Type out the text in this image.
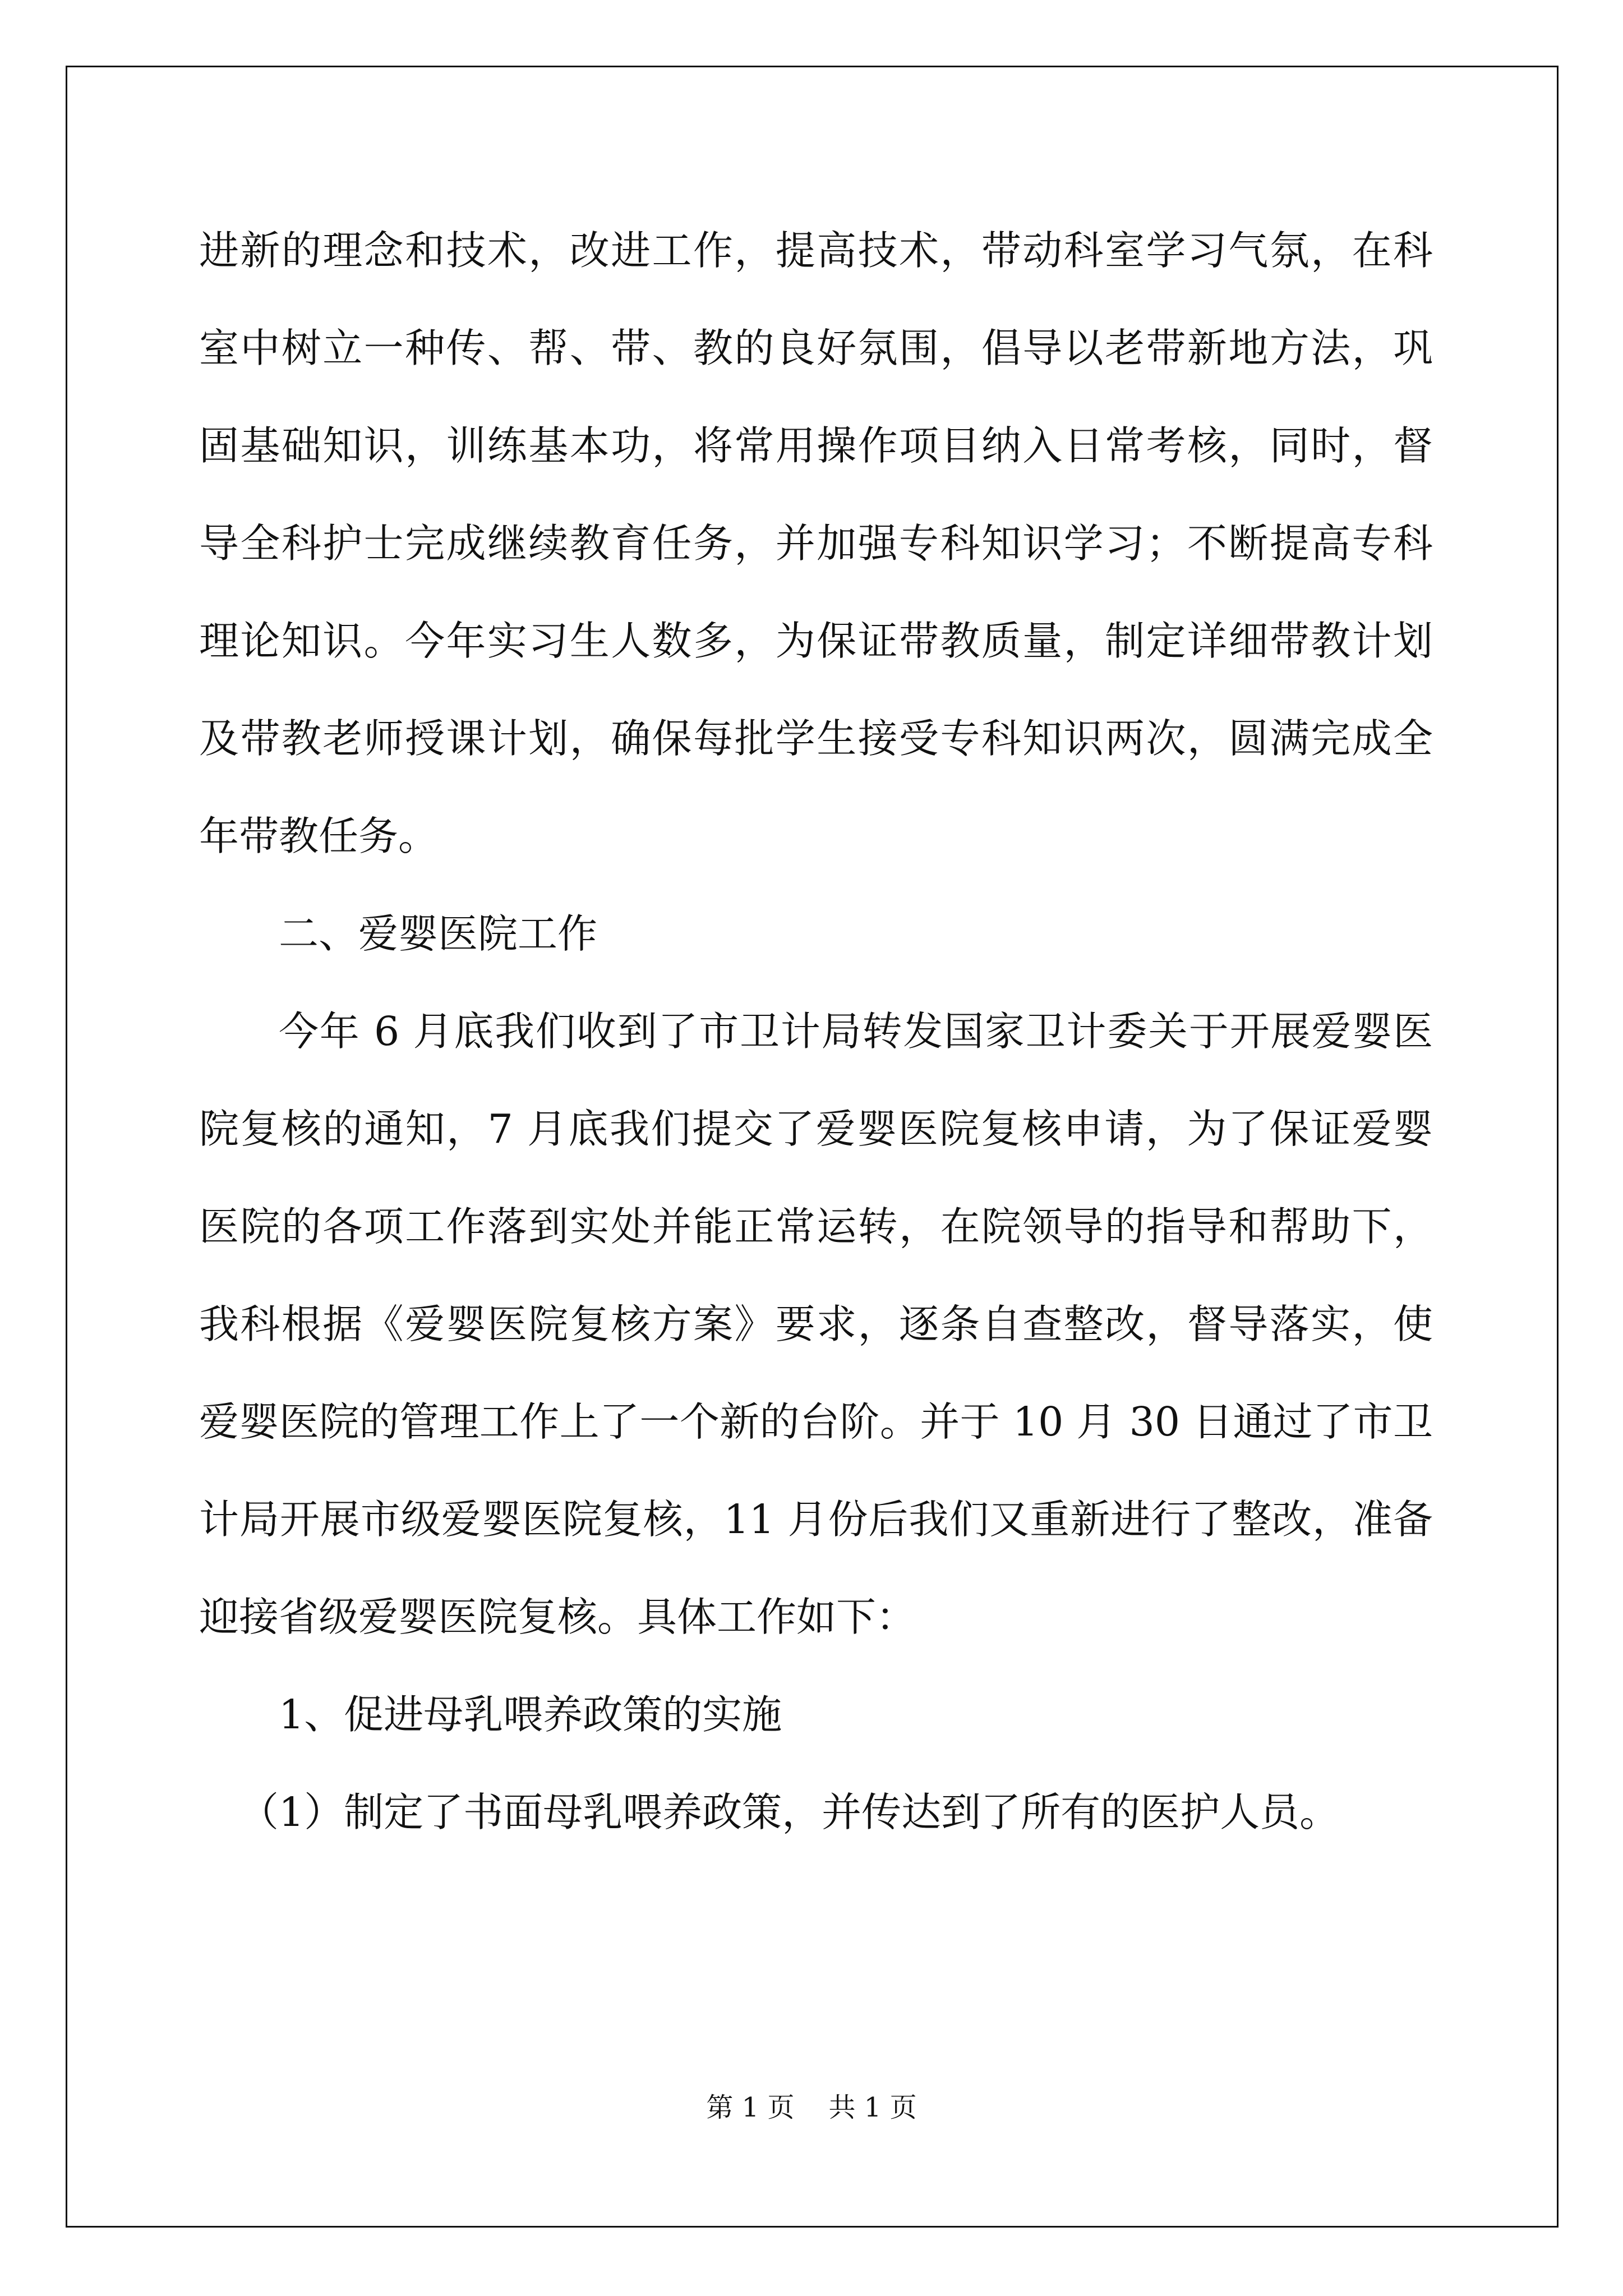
进新的理念和技术，改进工作，提高技术，带动科室学习气氛，在科
室中树立一种传、帮、带、教的良好氛围，倡导以老带新地方法，巩
固基础知识，训练基本功，将常用操作项目纳入日常考核，同时，督
导全科护士完成继续教育任务，并加强专科知识学习；不断提高专科
理论知识。今年实习生人数多，为保证带教质量，制定详细带教计划
及带教老师授课计划，确保每批学生接受专科知识两次，圆满完成全
年带教任务。
二、爱婴医院工作
今年 6 月底我们收到了市卫计局转发国家卫计委关于开展爱婴医
院复核的通知，7 月底我们提交了爱婴医院复核申请，为了保证爱婴
医院的各项工作落到实处并能正常运转，在院领导的指导和帮助下，
我科根据《爱婴医院复核方案》要求，逐条自查整改，督导落实，使
爱婴医院的管理工作上了一个新的台阶。并于 10 月 30 日通过了市卫
计局开展市级爱婴医院复核，11 月份后我们又重新进行了整改，准备
迎接省级爱婴医院复核。具体工作如下：
1、促进母乳喂养政策的实施
（1）制定了书面母乳喂养政策，并传达到了所有的医护人员。
第 1 页    共 1 页
